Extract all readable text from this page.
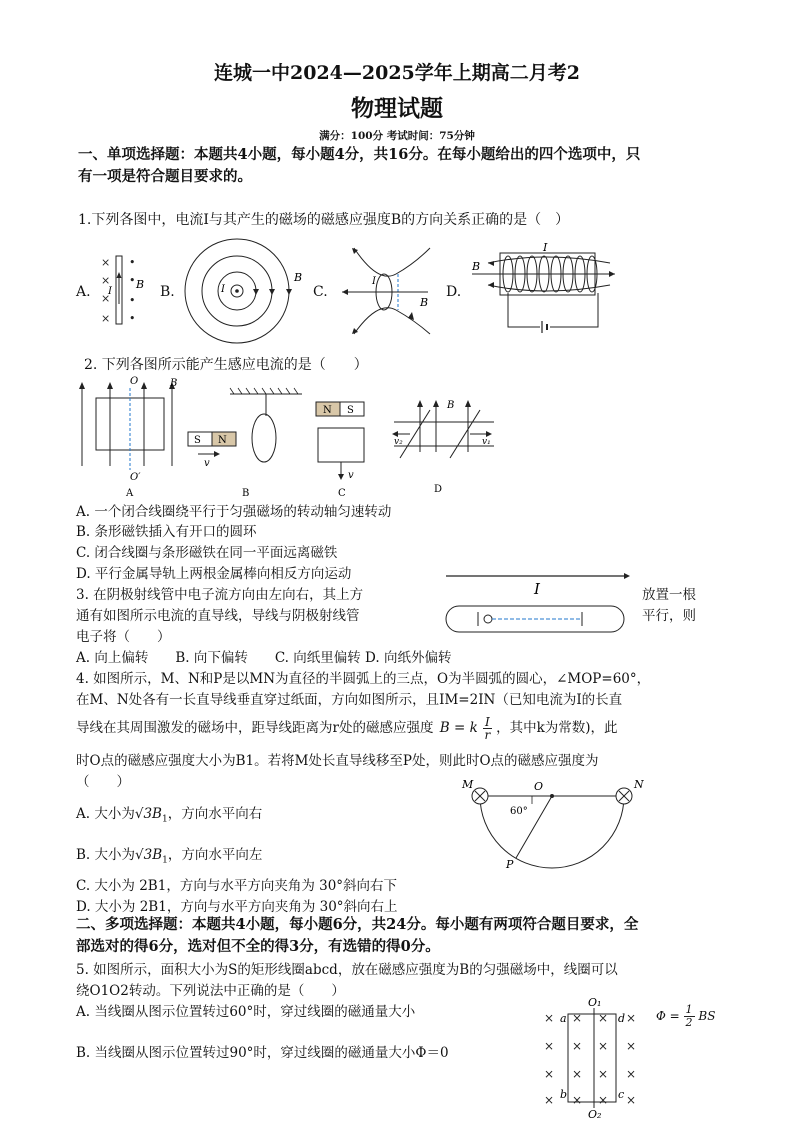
连城一中2024—2025学年上期高二月考2
物理试题
满分：100分 考试时间：75分钟
一、单项选择题：本题共4小题，每小题4分，共16分。在每小题给出的四个选项中，只
有一项是符合题目要求的。
1.下列各图中，电流I与其产生的磁场的磁感应强度B的方向关系正确的是（　）
A.	B.	C.	D.
×
×
×
×
•
•
•
•
I
B	I
B	I
B
I
B
2. 下列各图所示能产生感应电流的是（　　）
O
O′
B
A
S N
v
B
N S
v
C
B
v₂	v₁
D
A. 一个闭合线圈绕平行于匀强磁场的转动轴匀速转动
B. 条形磁铁插入有开口的圆环
C. 闭合线圈与条形磁铁在同一平面远离磁铁
D. 平行金属导轨上两根金属棒向相反方向运动
3. 在阴极射线管中电子流方向由左向右，其上方	放置一根
通有如图所示电流的直导线，导线与阴极射线管	平行，则
电子将（　　）
I
A. 向上偏转　　B. 向下偏转　　C. 向纸里偏转 D. 向纸外偏转
4. 如图所示，M、N和P是以MN为直径的半圆弧上的三点，O为半圆弧的圆心，∠MOP=60°，
在M、N处各有一长直导线垂直穿过纸面，方向如图所示，且IM=2IN（已知电流为I的长直
导线在其周围激发的磁场中，距导线距离为r处的磁感应强度 B = k $\frac{I}{r}$ ，其中k为常数)，此
时O点的磁感应强度大小为B1。若将M处长直导线移至P处，则此时O点的磁感应强度为
（　　）
A. 大小为$√3B_1$，方向水平向右
B. 大小为$√3B_1$，方向水平向左
C. 大小为 2B1，方向与水平方向夹角为 30°斜向右下
D. 大小为 2B1，方向与水平方向夹角为 30°斜向右上
M	N
O
P
60°
二、多项选择题：本题共4小题，每小题6分，共24分。每小题有两项符合题目要求，全
部选对的得6分，选对但不全的得3分，有选错的得0分。
5. 如图所示，面积大小为S的矩形线圈abcd，放在磁感应强度为B的匀强磁场中，线圈可以
绕O1O2转动。下列说法中正确的是（　　）
A. 当线圈从图示位置转过60°时，穿过线圈的磁通量大小
B. 当线圈从图示位置转过90°时，穿过线圈的磁通量大小Φ＝0
× × × ×
× × × ×
× × × ×
× × × ×
a	d
b	c
O₁
O₂
$\Phi = \frac{1}{2}$ BS
